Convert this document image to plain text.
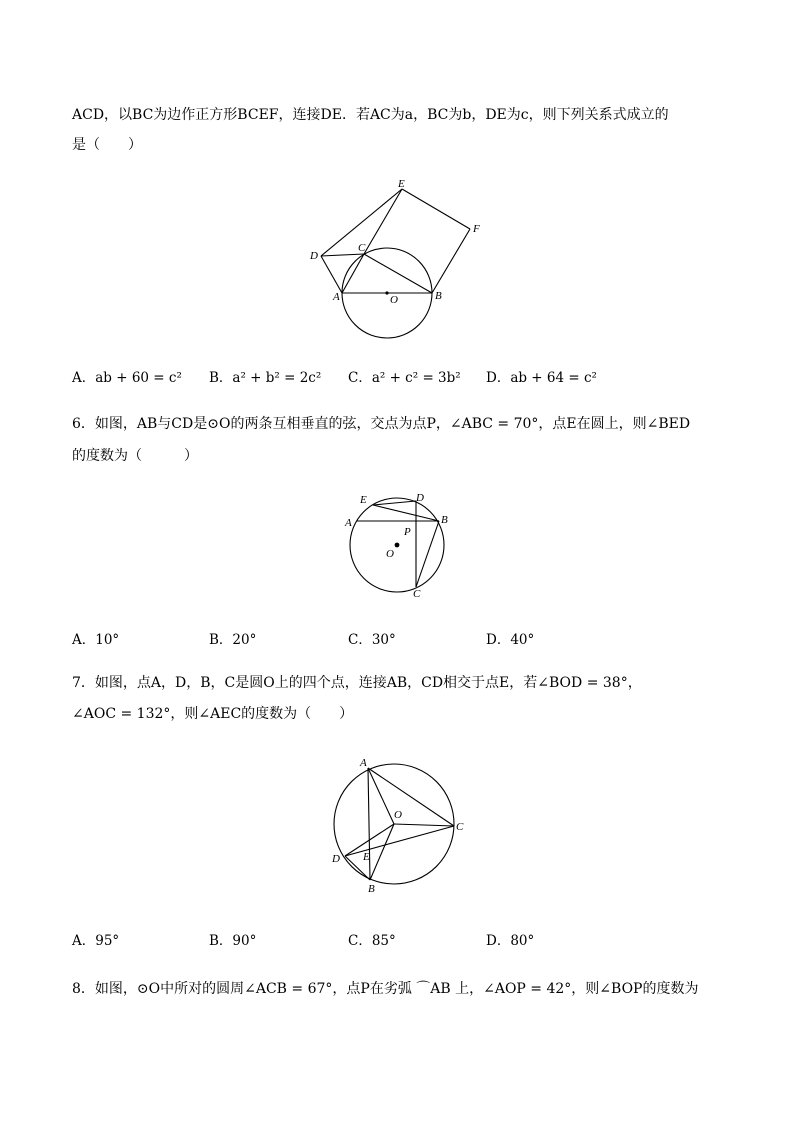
ACD，以BC为边作正方形BCEF，连接DE．若AC为a，BC为b，DE为c，则下列关系式成立的
是（　　）
E
F
D
C
A	O	B
A．ab + 60 = c² B．a² + b² = 2c² C．a² + c² = 3b² D．ab + 64 = c²
6．如图，AB与CD是⊙O的两条互相垂直的弦，交点为点P，∠ABC = 70°，点E在圆上，则∠BED
的度数为（　　　）
E	D
A	B
P
O
C
A．10°	B．20°	C．30°	D．40°
7．如图，点A，D，B，C是圆O上的四个点，连接AB，CD相交于点E，若∠BOD = 38°，
∠AOC = 132°，则∠AEC的度数为（　　）
A
O
C
D E
B
A．95°	B．90°	C．85°	D．80°
8．如图，⊙O中所对的圆周∠ACB = 67°，点P在劣弧 ⌒AB 上，∠AOP = 42°，则∠BOP的度数为
